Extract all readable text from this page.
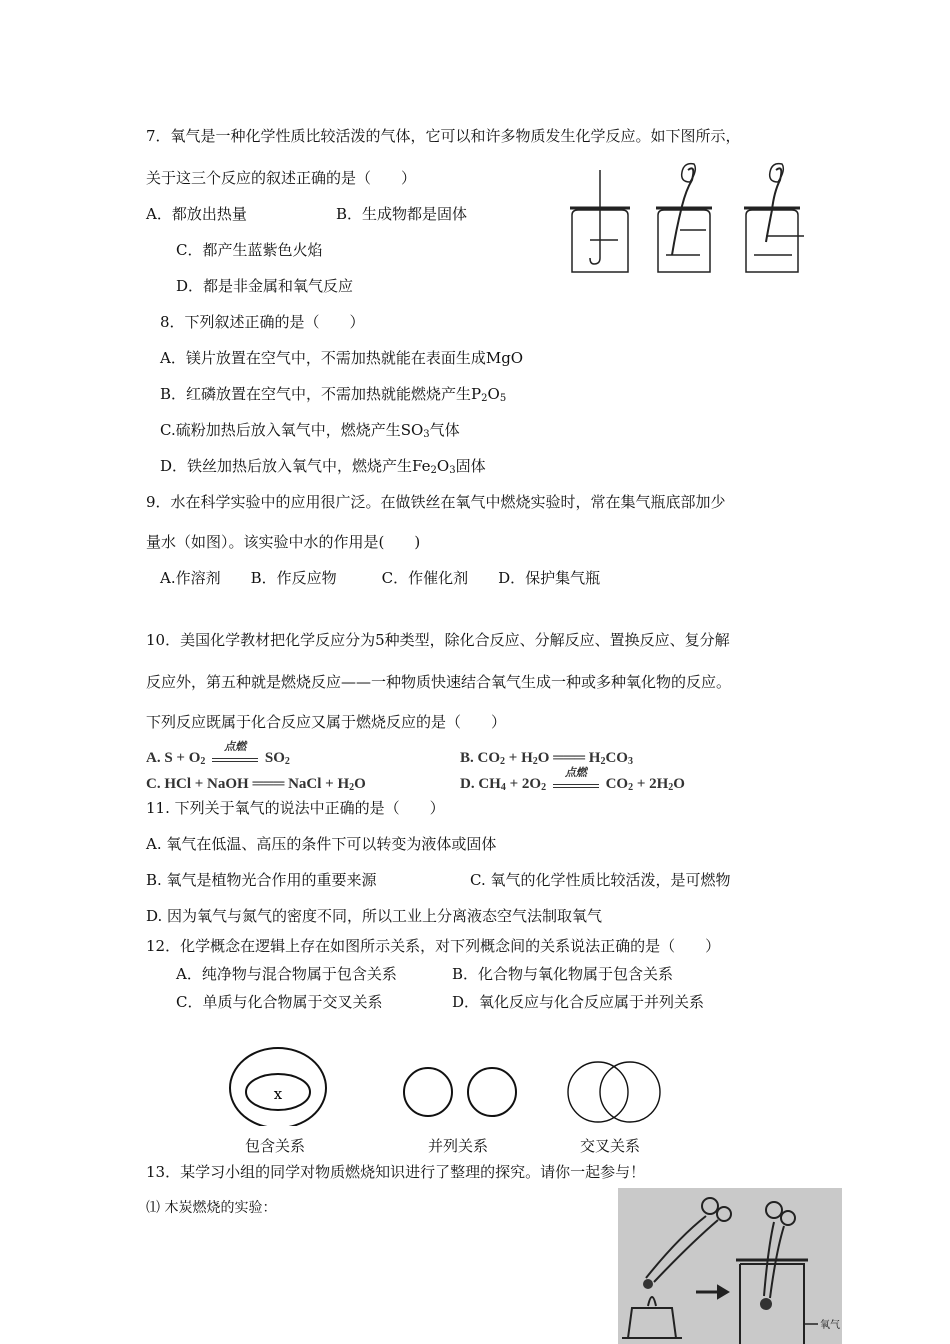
7．氧气是一种化学性质比较活泼的气体，它可以和许多物质发生化学反应。如下图所示，
关于这三个反应的叙述正确的是（　　）
A．都放出热量	B．生成物都是固体
C．都产生蓝紫色火焰
D．都是非金属和氧气反应
8．下列叙述正确的是（　　）
A．镁片放置在空气中，不需加热就能在表面生成MgO
B．红磷放置在空气中，不需加热就能燃烧产生$P_2O_5$
C.硫粉加热后放入氧气中，燃烧产生$SO_3$气体
D．铁丝加热后放入氧气中，燃烧产生$Fe_2O_3$固体
9．水在科学实验中的应用很广泛。在做铁丝在氧气中燃烧实验时，常在集气瓶底部加少
量水（如图）。该实验中水的作用是(　　)
A.作溶剂　　B．作反应物　　　C．作催化剂　　D．保护集气瓶
10．美国化学教材把化学反应分为5种类型，除化合反应、分解反应、置换反应、复分解
反应外，第五种就是燃烧反应——一种物质快速结合氧气生成一种或多种氧化物的反应。
下列反应既属于化合反应又属于燃烧反应的是（　　）
A. $S + O_2$
点燃
$SO_2$	B. $CO_2 + H_2O$ ═══ $H_2CO_3$
C. HCl + NaOH ═══ NaCl + $H_2O$	D. $CH_4 + 2O_2$
点燃
$CO_2 + 2H_2O$
11. 下列关于氧气的说法中正确的是（　　）
A. 氧气在低温、高压的条件下可以转变为液体或固体
B. 氧气是植物光合作用的重要来源	C. 氧气的化学性质比较活泼，是可燃物
D. 因为氧气与氮气的密度不同，所以工业上分离液态空气法制取氧气
12．化学概念在逻辑上存在如图所示关系，对下列概念间的关系说法正确的是（　　）
A．纯净物与混合物属于包含关系	B．化合物与氧化物属于包含关系
C．单质与化合物属于交叉关系	D．氧化反应与化合反应属于并列关系
x
包含关系	并列关系	交叉关系
13．某学习小组的同学对物质燃烧知识进行了整理的探究。请你一起参与！
⑴ 木炭燃烧的实验：
氧气
